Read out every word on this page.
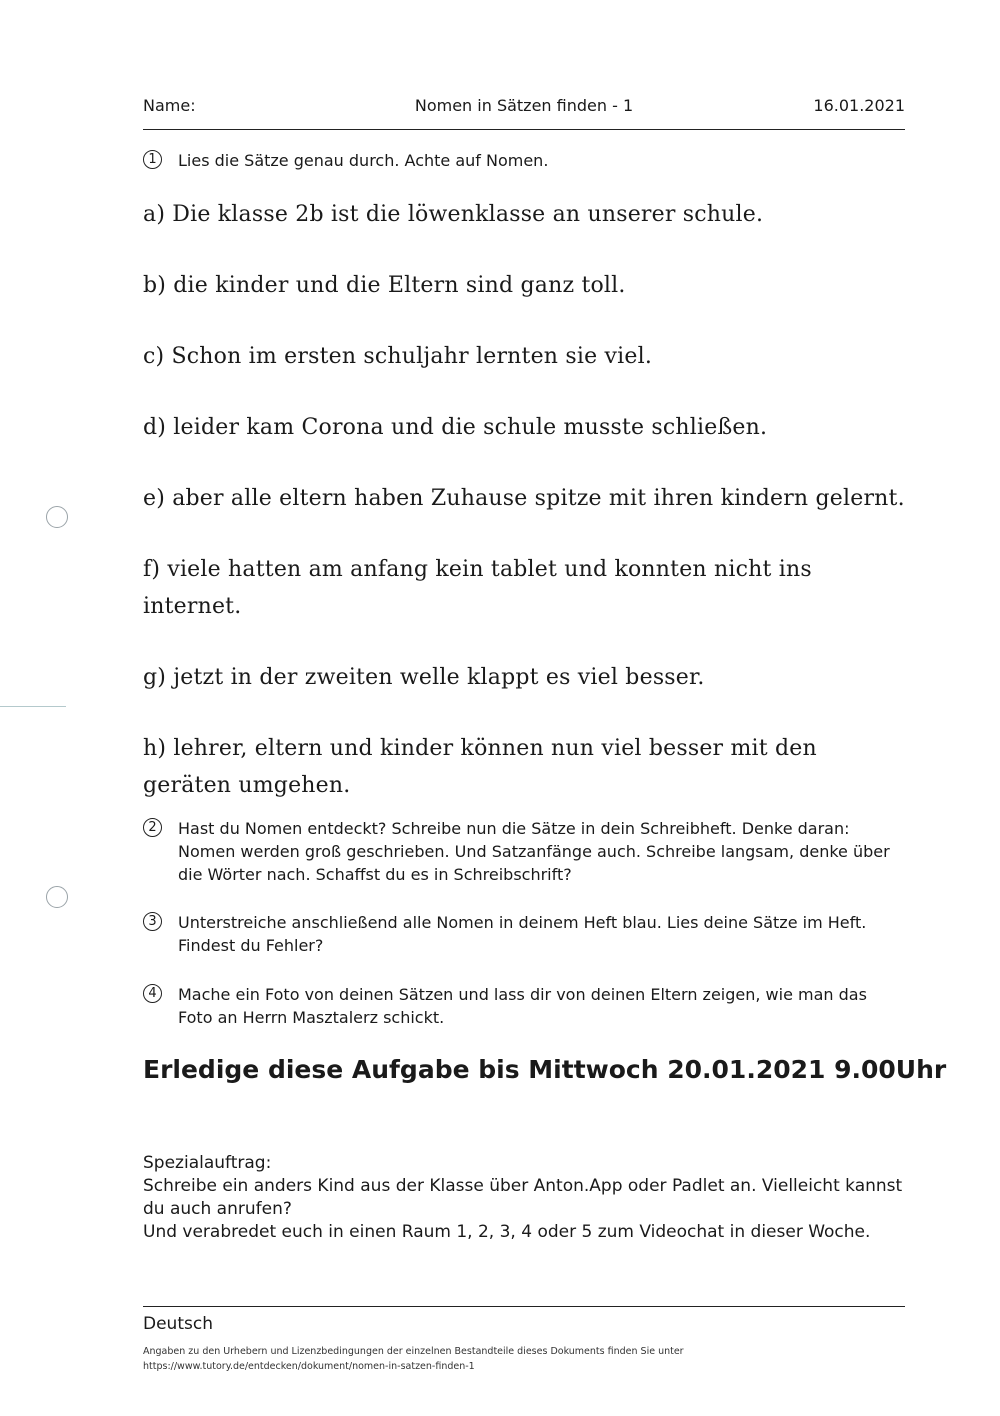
Name:	Nomen in Sätzen finden - 1	16.01.2021
1	Lies die Sätze genau durch. Achte auf Nomen.
a) Die klasse 2b ist die löwenklasse an unserer schule.
b) die kinder und die Eltern sind ganz toll.
c) Schon im ersten schuljahr lernten sie viel.
d) leider kam Corona und die schule musste schließen.
e) aber alle eltern haben Zuhause spitze mit ihren kindern gelernt.
f) viele hatten am anfang kein tablet und konnten nicht ins internet.
g) jetzt in der zweiten welle klappt es viel besser.
h) lehrer, eltern und kinder können nun viel besser mit den geräten umgehen.
2	Hast du Nomen entdeckt? Schreibe nun die Sätze in dein Schreibheft. Denke daran: Nomen werden groß geschrieben. Und Satzanfänge auch. Schreibe langsam, denke über die Wörter nach. Schaffst du es in Schreibschrift?
3	Unterstreiche anschließend alle Nomen in deinem Heft blau. Lies deine Sätze im Heft. Findest du Fehler?
4	Mache ein Foto von deinen Sätzen und lass dir von deinen Eltern zeigen, wie man das Foto an Herrn Masztalerz schickt.
Erledige diese Aufgabe bis Mittwoch 20.01.2021 9.00Uhr

Spezialauftrag:

Schreibe ein anders Kind aus der Klasse über Anton.App oder Padlet an. Vielleicht kannst du auch anrufen?

Und verabredet euch in einen Raum 1, 2, 3, 4 oder 5 zum Videochat in dieser Woche.

Deutsch

Angaben zu den Urhebern und Lizenzbedingungen der einzelnen Bestandteile dieses Dokuments finden Sie unter

https://www.tutory.de/entdecken/dokument/nomen-in-satzen-finden-1
